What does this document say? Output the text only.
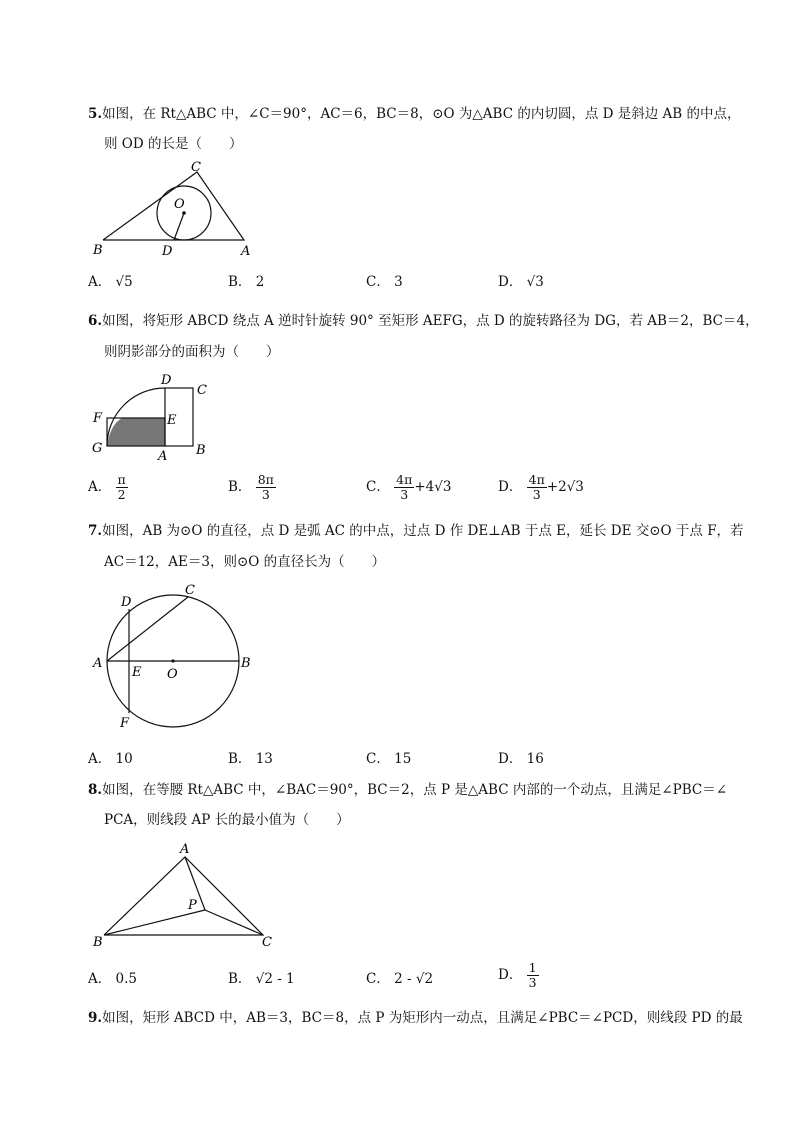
5.如图，在 Rt△ABC 中，∠C＝90°，AC＝6，BC＝8，⊙O 为△ABC 的内切圆，点 D 是斜边 AB 的中点，
则 OD 的长是（　　）
B
C
A
D
O
A． √5	B． 2	C． 3	D． √3
6.如图，将矩形 ABCD 绕点 A 逆时针旋转 90° 至矩形 AEFG，点 D 的旋转路径为 DG，若 AB＝2，BC＝4，
则阴影部分的面积为（　　）
D
C
E
F
G
A B
A． $\frac{\pi}{2}$	B． $\frac{8\pi}{3}$	C． $\frac{4\pi}{3} +4√3$	D． $\frac{4\pi}{3} +2√3$
7.如图，AB 为⊙O 的直径，点 D 是弧 AC 的中点，过点 D 作 DE⊥AB 于点 E，延长 DE 交⊙O 于点 F，若
AC＝12，AE＝3，则⊙O 的直径长为（　　）
A	B
C
D
E O
F
A． 10	B． 13	C． 15	D． 16
8.如图，在等腰 Rt△ABC 中，∠BAC＝90°，BC＝2，点 P 是△ABC 内部的一个动点，且满足∠PBC＝∠
PCA，则线段 AP 长的最小值为（　　）
A
B	C
P
A． 0.5	B． √2 - 1	C． 2 - √2	D． $\frac{1}{3}$
9.如图，矩形 ABCD 中，AB＝3，BC＝8，点 P 为矩形内一动点，且满足∠PBC＝∠PCD，则线段 PD 的最
